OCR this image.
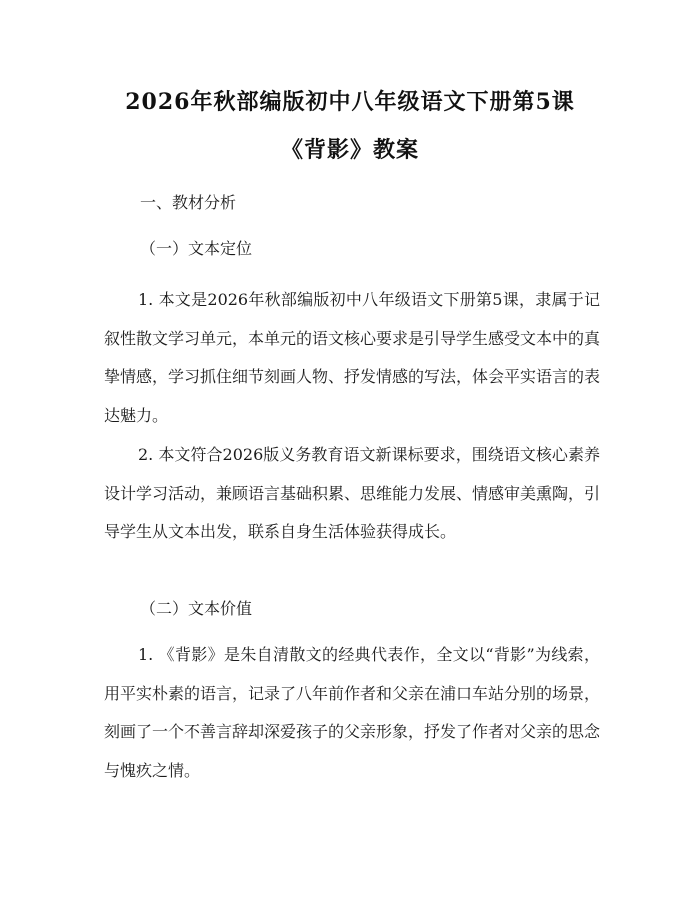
2026年秋部编版初中八年级语文下册第5课
《背影》教案
一、教材分析
（一）文本定位

1. 本文是2026年秋部编版初中八年级语文下册第5课，隶属于记叙性散文学习单元，本单元的语文核心要求是引导学生感受文本中的真挚情感，学习抓住细节刻画人物、抒发情感的写法，体会平实语言的表达魅力。

2. 本文符合2026版义务教育语文新课标要求，围绕语文核心素养设计学习活动，兼顾语言基础积累、思维能力发展、情感审美熏陶，引导学生从文本出发，联系自身生活体验获得成长。

（二）文本价值

1. 《背影》是朱自清散文的经典代表作，全文以“背影”为线索，用平实朴素的语言，记录了八年前作者和父亲在浦口车站分别的场景，刻画了一个不善言辞却深爱孩子的父亲形象，抒发了作者对父亲的思念与愧疚之情。
